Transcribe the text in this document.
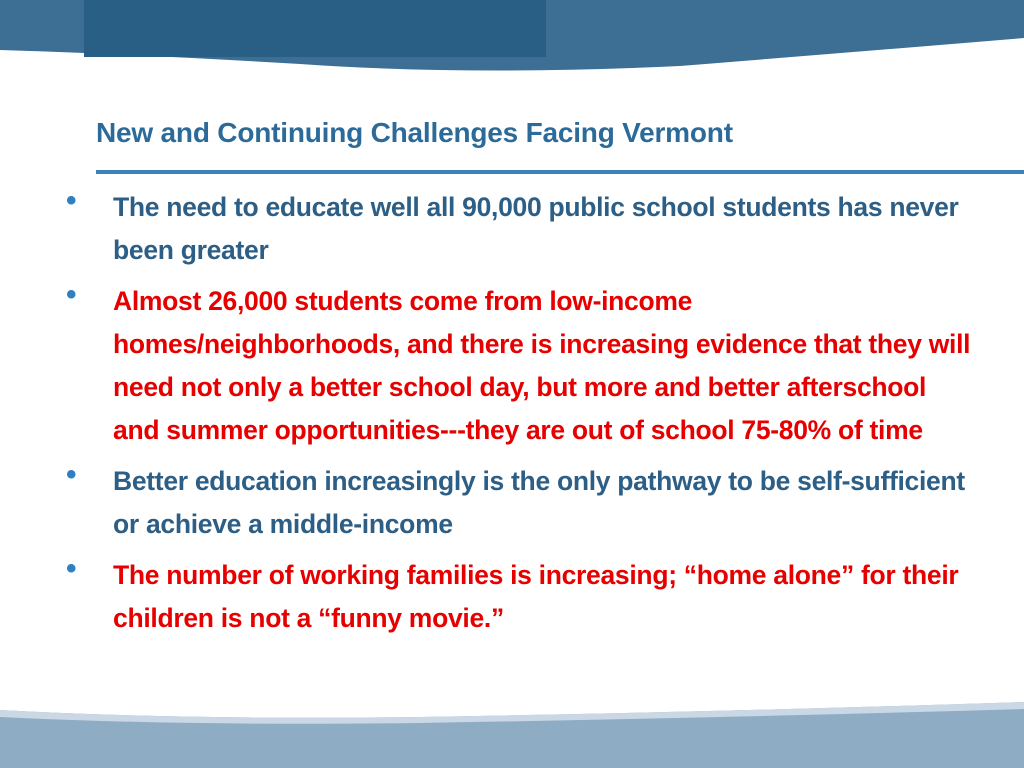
New and Continuing Challenges Facing Vermont
• The need to educate well all 90,000 public school students has never been greater
• Almost 26,000 students come from low-income homes/neighborhoods, and there is increasing evidence that they will need not only a better school day, but more and better afterschool and summer opportunities---they are out of school 75-80% of time
• Better education increasingly is the only pathway to be self-sufficient or achieve a middle-income
• The number of working families is increasing; “home alone” for their children is not a “funny movie.”
